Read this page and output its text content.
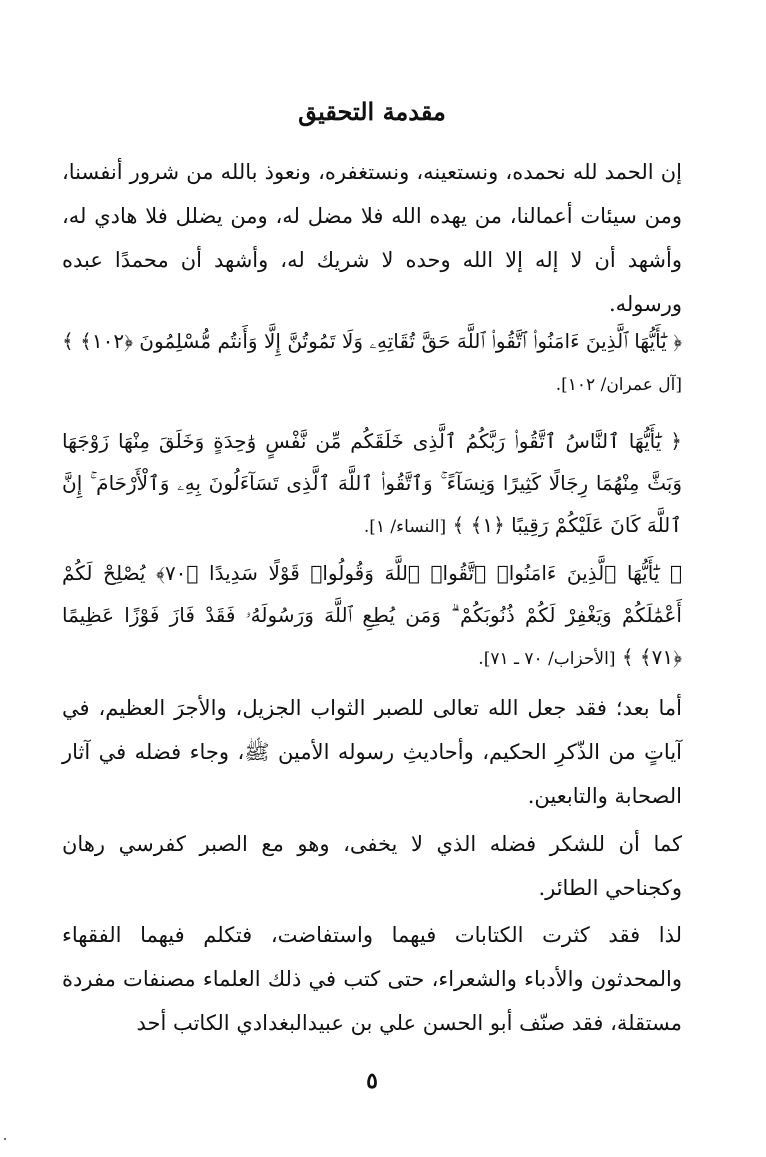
مقدمة التحقيق

إن الحمد لله نحمده، ونستعينه، ونستغفره، ونعوذ بالله من شرور أنفسنا، ومن سيئات أعمالنا، من يهده الله فلا مضل له، ومن يضلل فلا هادي له، وأشهد أن لا إله إلا الله وحده لا شريك له، وأشهد أن محمدًا عبده ورسوله.

﴿ يَٰٓأَيُّهَا ٱلَّذِينَ ءَامَنُوا۟ ٱتَّقُوا۟ ٱللَّهَ حَقَّ تُقَاتِهِۦ وَلَا تَمُوتُنَّ إِلَّا وَأَنتُم مُّسْلِمُونَ ﴿١٠٢﴾ ﴾ [آل عمران/ ١٠٢].

﴿ يَٰٓأَيُّهَا ٱلنَّاسُ ٱتَّقُوا۟ رَبَّكُمُ ٱلَّذِى خَلَقَكُم مِّن نَّفْسٍ وَٰحِدَةٍ وَخَلَقَ مِنْهَا زَوْجَهَا وَبَثَّ مِنْهُمَا رِجَالًا كَثِيرًا وَنِسَآءً ۚ وَٱتَّقُوا۟ ٱللَّهَ ٱلَّذِى تَسَآءَلُونَ بِهِۦ وَٱلْأَرْحَامَ ۚ إِنَّ ٱللَّهَ كَانَ عَلَيْكُمْ رَقِيبًا ﴿١﴾ ﴾ [النساء/ ١].

﴿ يَٰٓأَيُّهَا ٱلَّذِينَ ءَامَنُوا۟ ٱتَّقُوا۟ ٱللَّهَ وَقُولُوا۟ قَوْلًا سَدِيدًا ﴿٧٠﴾ يُصْلِحْ لَكُمْ أَعْمَٰلَكُمْ وَيَغْفِرْ لَكُمْ ذُنُوبَكُمْ ۗ وَمَن يُطِعِ ٱللَّهَ وَرَسُولَهُۥ فَقَدْ فَازَ فَوْزًا عَظِيمًا ﴿٧١﴾ ﴾ [الأحزاب/ ٧٠ ـ ٧١].

أما بعد؛ فقد جعل الله تعالى للصبر الثواب الجزيل، والأجرَ العظيم، في آياتٍ من الذّكرِ الحكيم، وأحاديثِ رسوله الأمين ﷺ، وجاء فضله في آثار الصحابة والتابعين.

كما أن للشكر فضله الذي لا يخفى، وهو مع الصبر كفرسي رهان وكجناحي الطائر.

لذا فقد كثرت الكتابات فيهما واستفاضت، فتكلم فيهما الفقهاء والمحدثون والأدباء والشعراء، حتى كتب في ذلك العلماء مصنفات مفردة مستقلة، فقد صنّف أبو الحسن علي بن عبيدالبغدادي الكاتب أحد

٥
